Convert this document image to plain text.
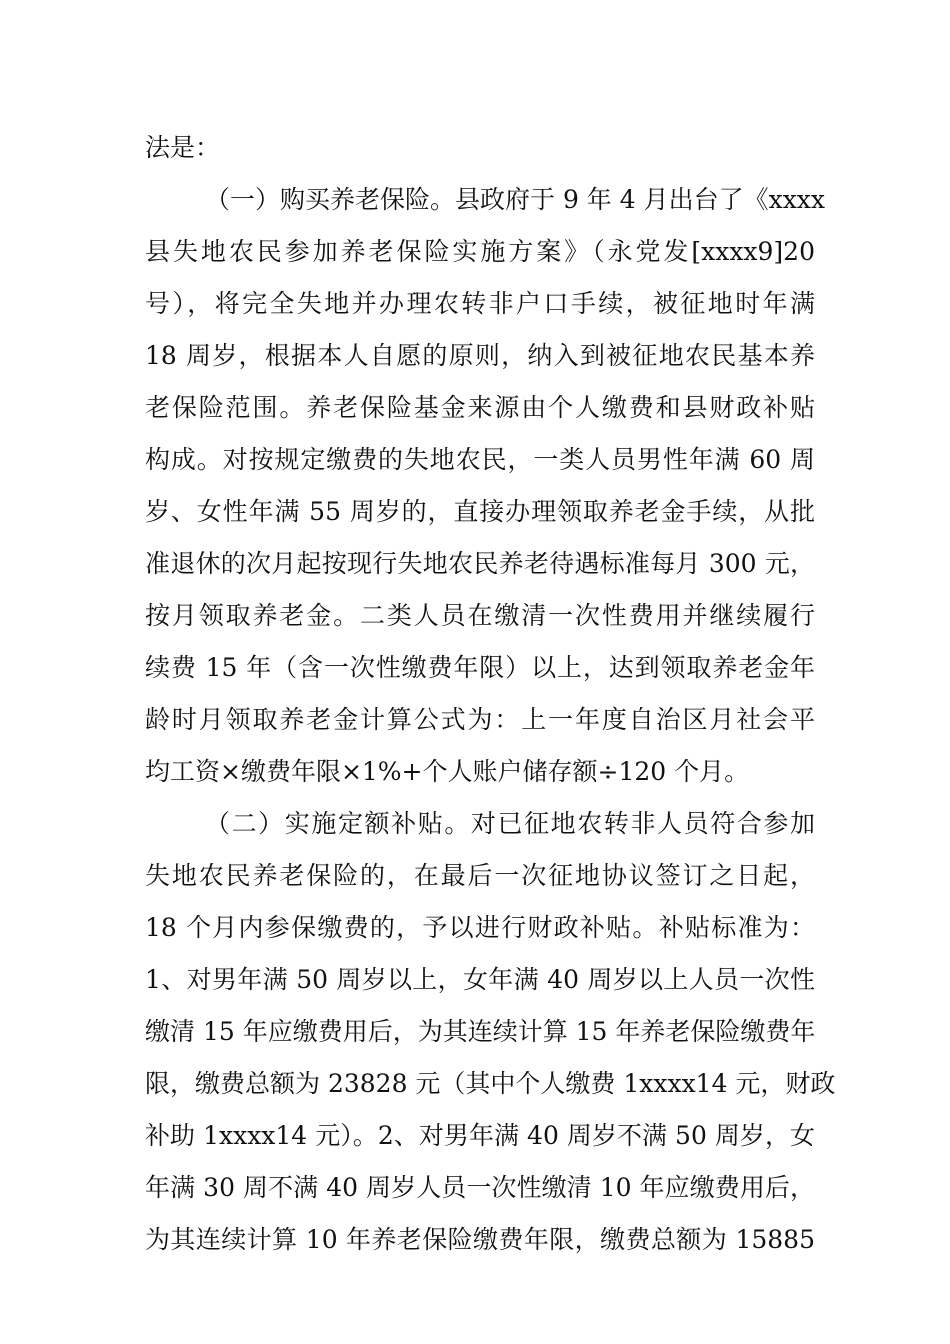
法是：
（一）购买养老保险。县政府于 9 年 4 月出台了《xxxx
县失地农民参加养老保险实施方案》（永党发[xxxx9]20
号），将完全失地并办理农转非户口手续，被征地时年满
18 周岁，根据本人自愿的原则，纳入到被征地农民基本养
老保险范围。养老保险基金来源由个人缴费和县财政补贴
构成。对按规定缴费的失地农民，一类人员男性年满 60 周
岁、女性年满 55 周岁的，直接办理领取养老金手续，从批
准退休的次月起按现行失地农民养老待遇标准每月 300 元，
按月领取养老金。二类人员在缴清一次性费用并继续履行
续费 15 年（含一次性缴费年限）以上，达到领取养老金年
龄时月领取养老金计算公式为：上一年度自治区月社会平
均工资×缴费年限×1%+个人账户储存额÷120 个月。
（二）实施定额补贴。对已征地农转非人员符合参加
失地农民养老保险的，在最后一次征地协议签订之日起，
18 个月内参保缴费的，予以进行财政补贴。补贴标准为：
1、对男年满 50 周岁以上，女年满 40 周岁以上人员一次性
缴清 15 年应缴费用后，为其连续计算 15 年养老保险缴费年
限，缴费总额为 23828 元（其中个人缴费 1xxxx14 元，财政
补助 1xxxx14 元）。2、对男年满 40 周岁不满 50 周岁，女
年满 30 周不满 40 周岁人员一次性缴清 10 年应缴费用后，
为其连续计算 10 年养老保险缴费年限，缴费总额为 15885
